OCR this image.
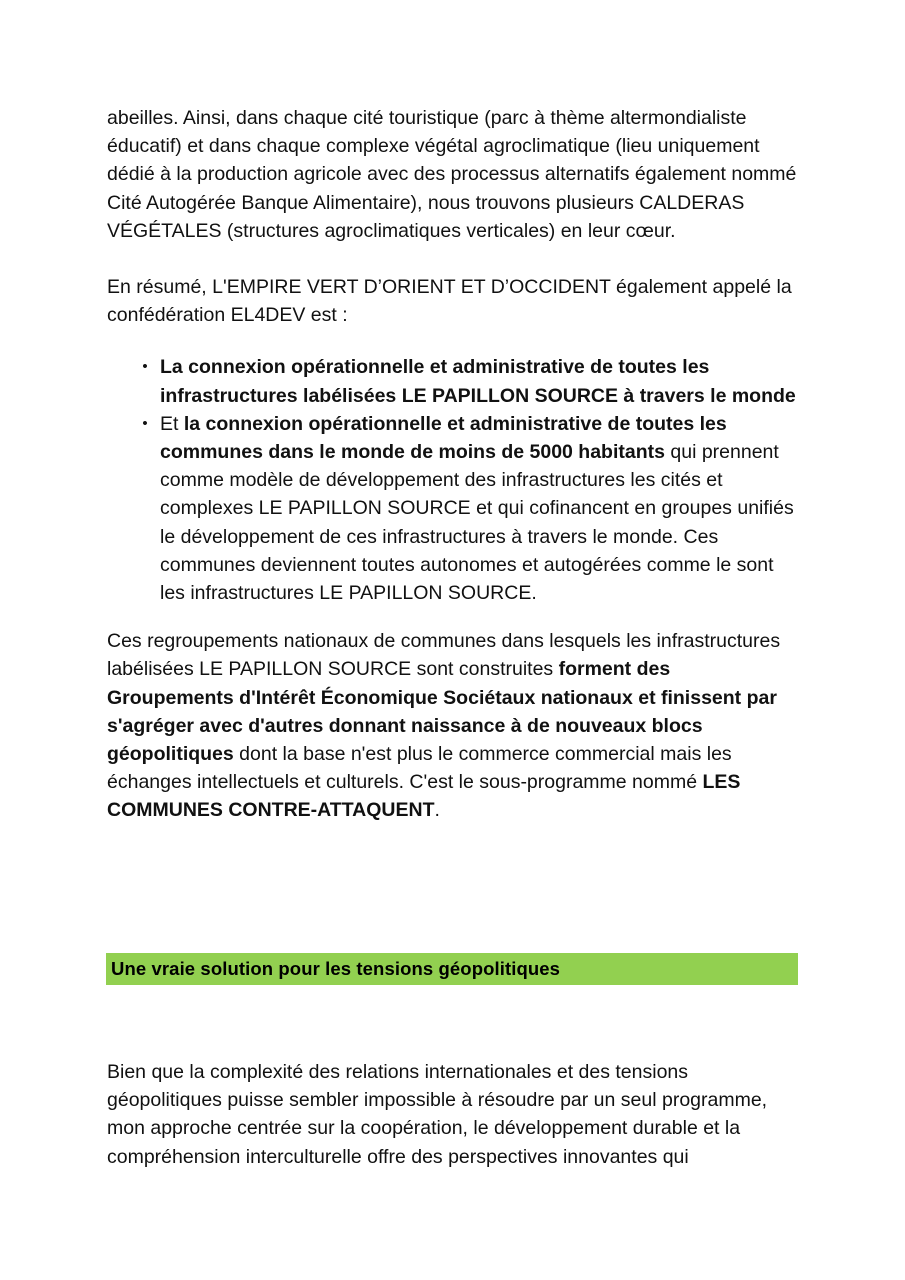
abeilles. Ainsi, dans chaque cité touristique (parc à thème altermondialiste éducatif) et dans chaque complexe végétal agroclimatique (lieu uniquement dédié à la production agricole avec des processus alternatifs également nommé Cité Autogérée Banque Alimentaire), nous trouvons plusieurs CALDERAS VÉGÉTALES (structures agroclimatiques verticales) en leur cœur.

En résumé, L'EMPIRE VERT D’ORIENT ET D’OCCIDENT également appelé la confédération EL4DEV est :

• La connexion opérationnelle et administrative de toutes les infrastructures labélisées LE PAPILLON SOURCE à travers le monde
• Et la connexion opérationnelle et administrative de toutes les communes dans le monde de moins de 5000 habitants qui prennent comme modèle de développement des infrastructures les cités et complexes LE PAPILLON SOURCE et qui cofinancent en groupes unifiés le développement de ces infrastructures à travers le monde. Ces communes deviennent toutes autonomes et autogérées comme le sont les infrastructures LE PAPILLON SOURCE.

Ces regroupements nationaux de communes dans lesquels les infrastructures labélisées LE PAPILLON SOURCE sont construites forment des Groupements d'Intérêt Économique Sociétaux nationaux et finissent par s'agréger avec d'autres donnant naissance à de nouveaux blocs géopolitiques dont la base n'est plus le commerce commercial mais les échanges intellectuels et culturels. C'est le sous-programme nommé LES COMMUNES CONTRE-ATTAQUENT.

Une vraie solution pour les tensions géopolitiques

Bien que la complexité des relations internationales et des tensions géopolitiques puisse sembler impossible à résoudre par un seul programme, mon approche centrée sur la coopération, le développement durable et la compréhension interculturelle offre des perspectives innovantes qui
